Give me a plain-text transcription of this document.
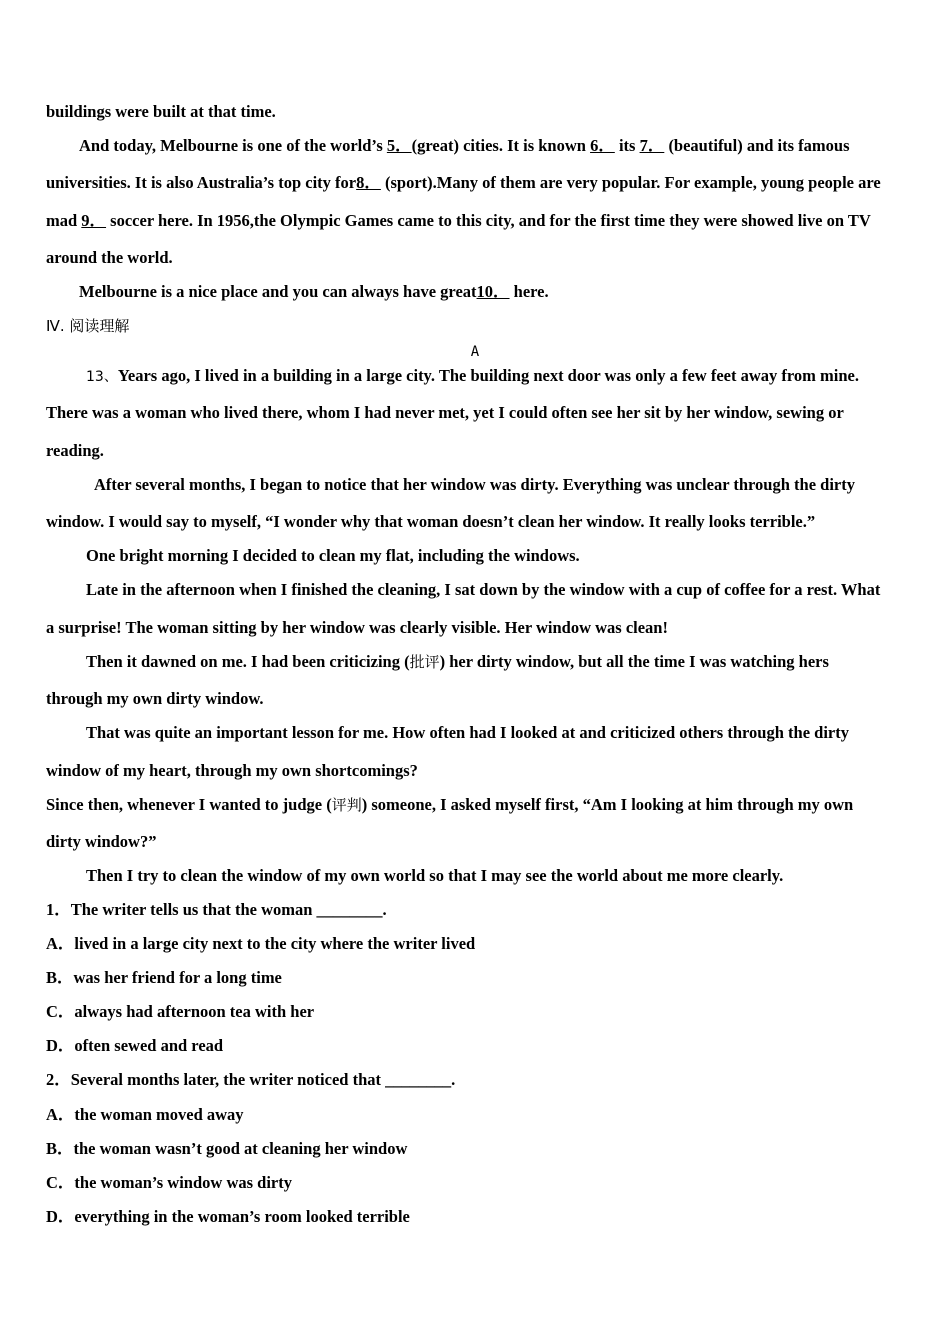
buildings were built at that time.
And today, Melbourne is one of the world’s 5．(great) cities. It is known 6． its 7． (beautiful) and its famous
universities. It is also Australia’s top city for8． (sport).Many of them are very popular. For example, young people are
mad 9． soccer here. In 1956,the Olympic Games came to this city, and for the first time they were showed live on TV
around the world.
Melbourne is a nice place and you can always have great10． here.
Ⅳ. 阅读理解
A
13、Years ago, I lived in a building in a large city. The building next door was only a few feet away from mine.
There was a woman who lived there, whom I had never met, yet I could often see her sit by her window, sewing or
reading.
After several months, I began to notice that her window was dirty. Everything was unclear through the dirty
window. I would say to myself, “I wonder why that woman doesn’t clean her window. It really looks terrible.”
One bright morning I decided to clean my flat, including the windows.
Late in the afternoon when I finished the cleaning, I sat down by the window with a cup of coffee for a rest. What
a surprise! The woman sitting by her window was clearly visible. Her window was clean!
Then it dawned on me. I had been criticizing (批评) her dirty window, but all the time I was watching hers
through my own dirty window.
That was quite an important lesson for me. How often had I looked at and criticized others through the dirty
window of my heart, through my own shortcomings?
Since then, whenever I wanted to judge (评判) someone, I asked myself first, “Am I looking at him through my own
dirty window?”
Then I try to clean the window of my own world so that I may see the world about me more clearly.
1．The writer tells us that the woman ________.
A．lived in a large city next to the city where the writer lived
B．was her friend for a long time
C．always had afternoon tea with her
D．often sewed and read
2．Several months later, the writer noticed that ________.
A．the woman moved away
B．the woman wasn’t good at cleaning her window
C．the woman’s window was dirty
D．everything in the woman’s room looked terrible
